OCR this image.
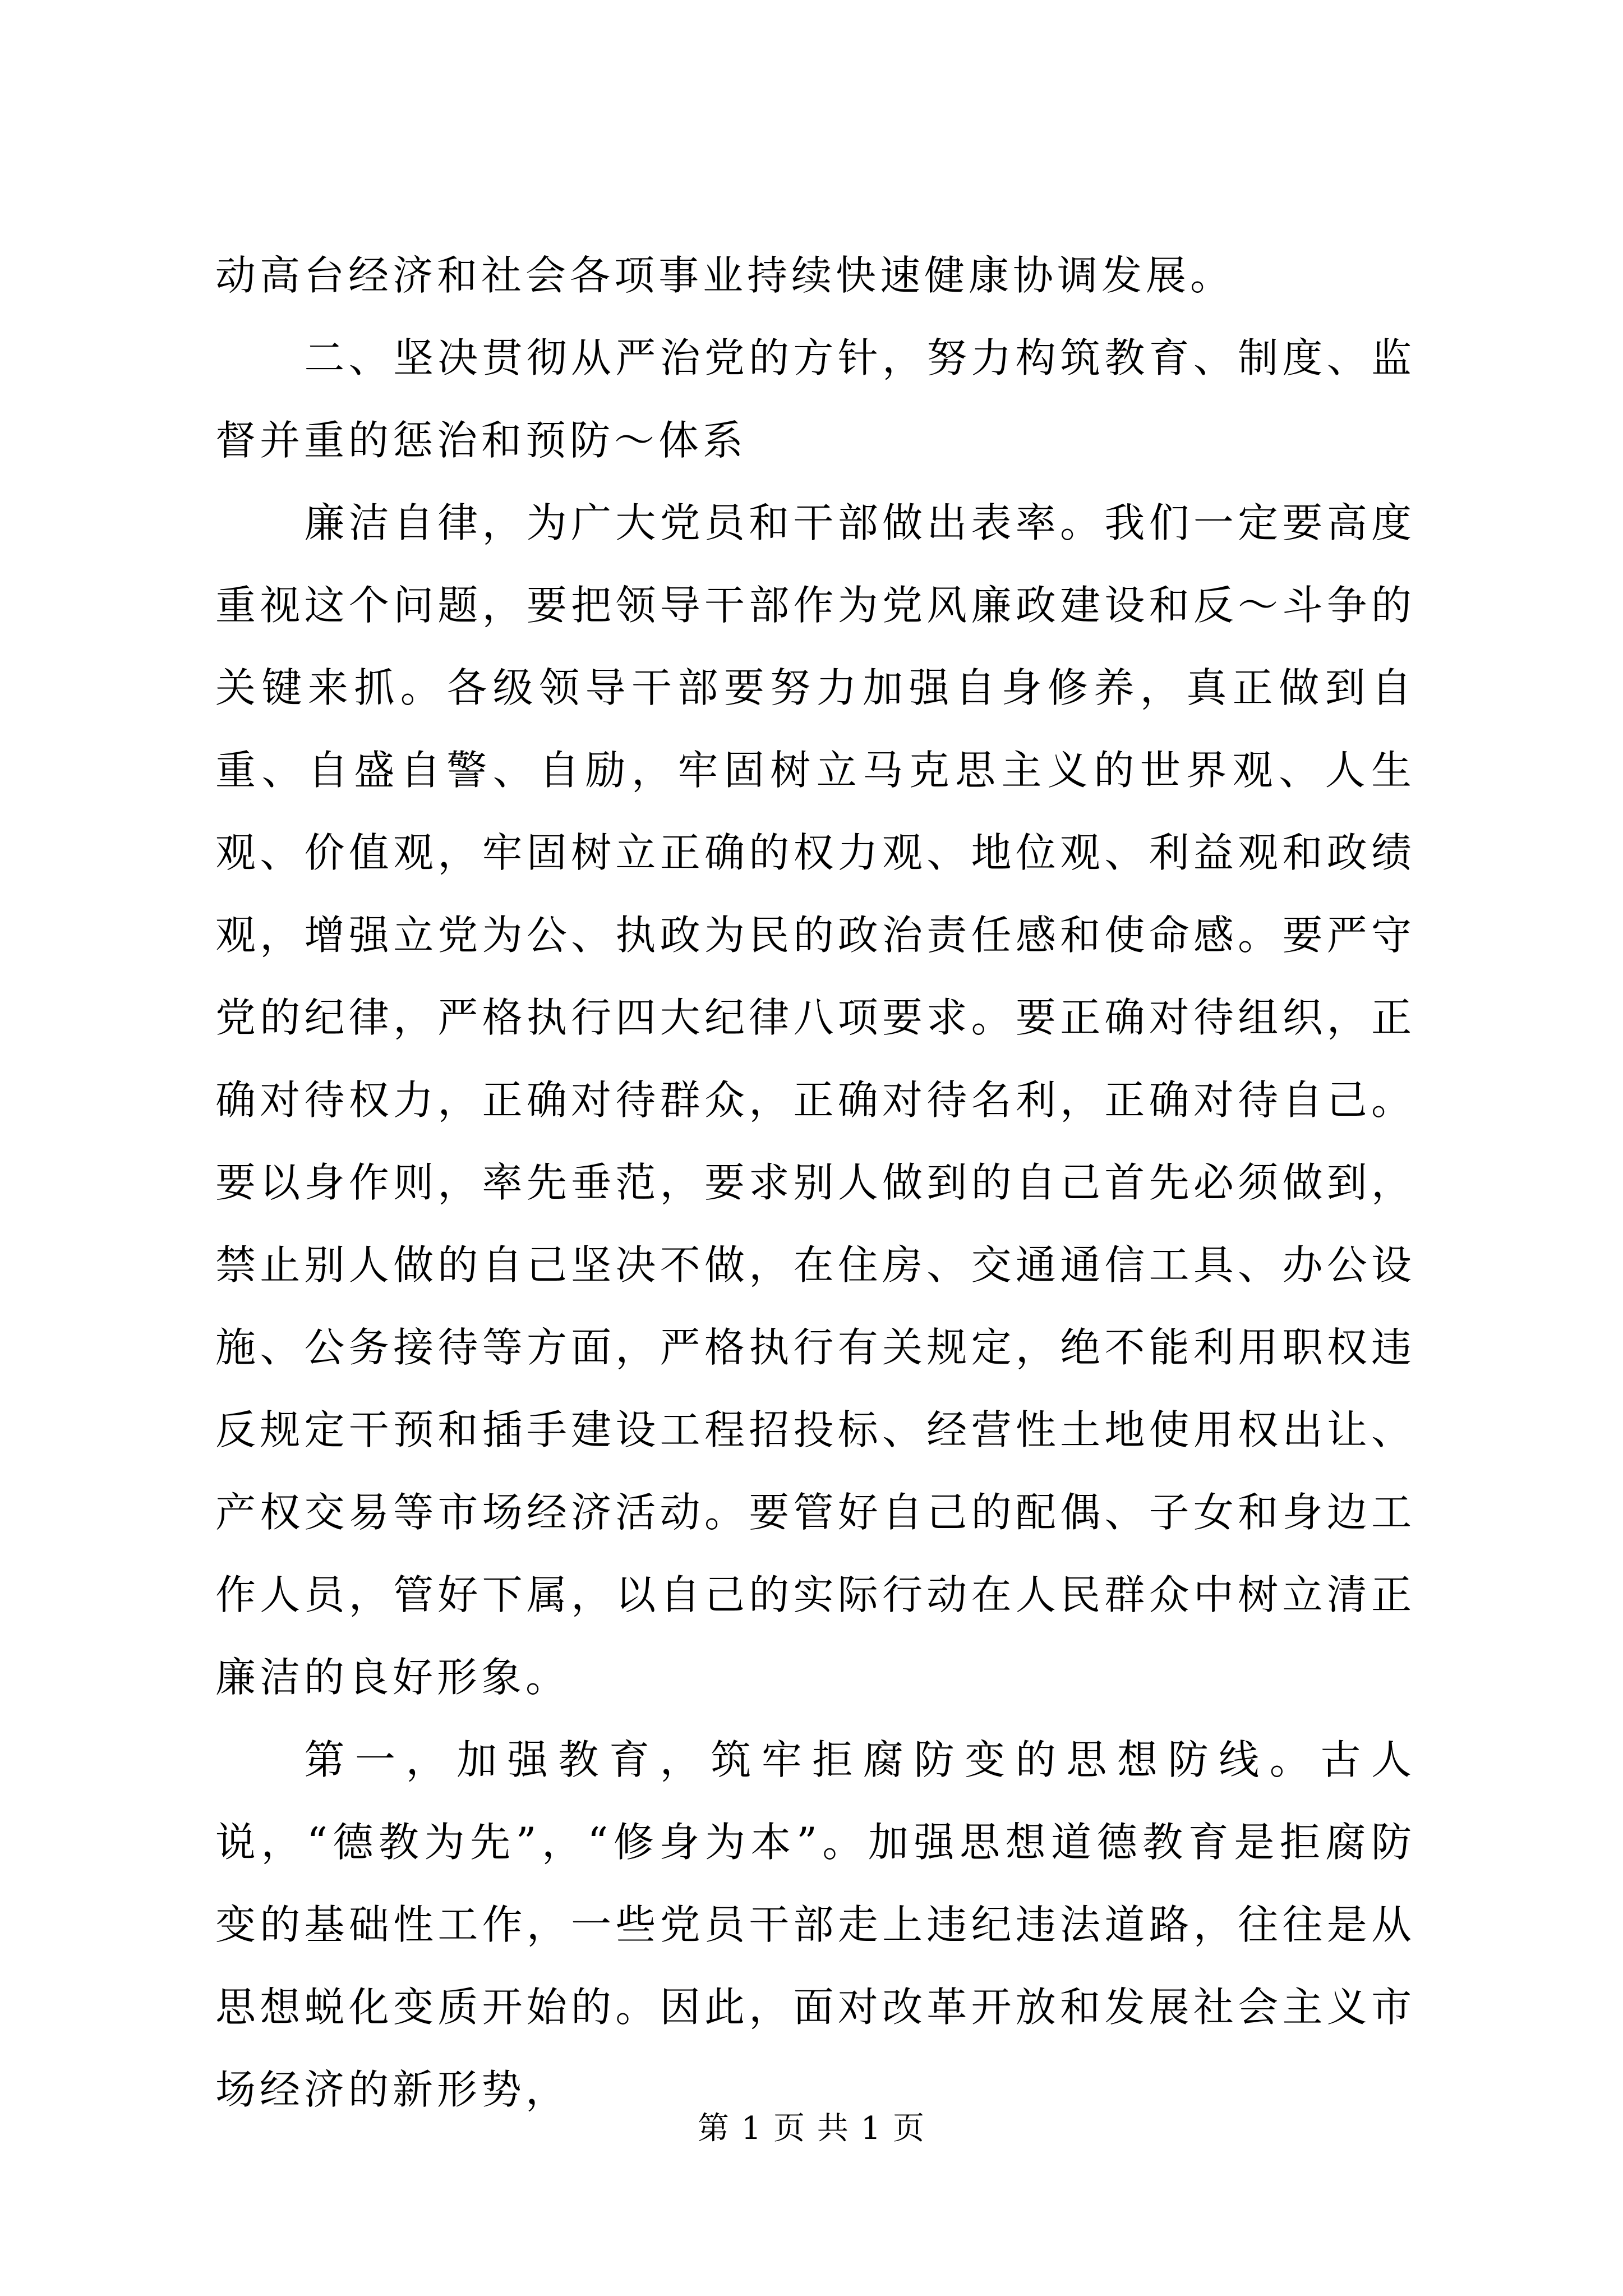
动高台经济和社会各项事业持续快速健康协调发展。

二、坚决贯彻从严治党的方针，努力构筑教育、制度、监督并重的惩治和预防～体系

廉洁自律，为广大党员和干部做出表率。我们一定要高度重视这个问题，要把领导干部作为党风廉政建设和反～斗争的关键来抓。各级领导干部要努力加强自身修养，真正做到自重、自盛自警、自励，牢固树立马克思主义的世界观、人生观、价值观，牢固树立正确的权力观、地位观、利益观和政绩观，增强立党为公、执政为民的政治责任感和使命感。要严守党的纪律，严格执行四大纪律八项要求。要正确对待组织，正确对待权力，正确对待群众，正确对待名利，正确对待自己。要以身作则，率先垂范，要求别人做到的自己首先必须做到，禁止别人做的自己坚决不做，在住房、交通通信工具、办公设施、公务接待等方面，严格执行有关规定，绝不能利用职权违反规定干预和插手建设工程招投标、经营性土地使用权出让、产权交易等市场经济活动。要管好自己的配偶、子女和身边工作人员，管好下属，以自己的实际行动在人民群众中树立清正廉洁的良好形象。

第一，加强教育，筑牢拒腐防变的思想防线。古人说，“德教为先”，“修身为本”。加强思想道德教育是拒腐防变的基础性工作，一些党员干部走上违纪违法道路，往往是从思想蜕化变质开始的。因此，面对改革开放和发展社会主义市场经济的新形势，

第 1 页 共 1 页
